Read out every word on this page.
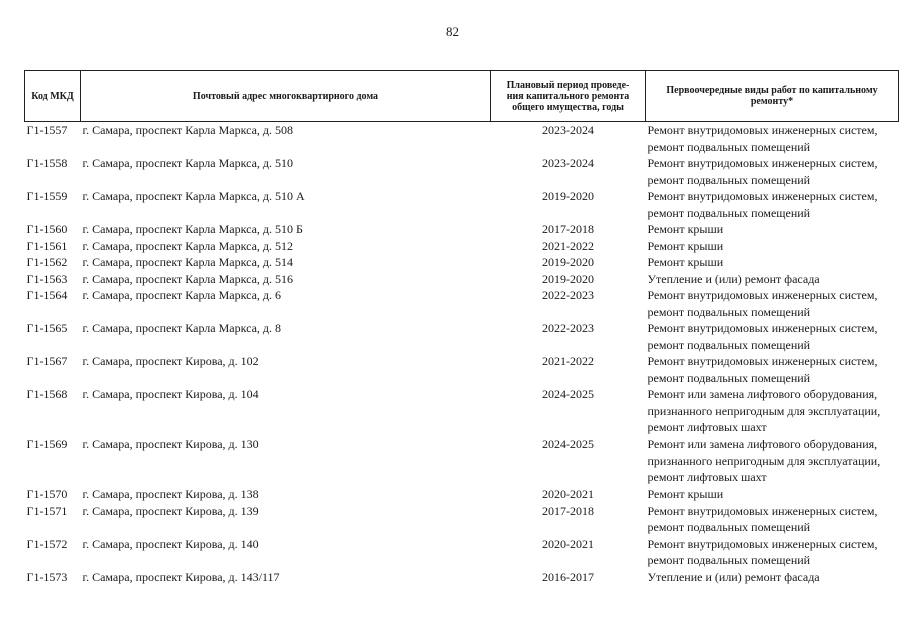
82
Код МКД	Почтовый адрес многоквартирного дома	Плановый период проведе-
ния капитального ремонта
общего имущества, годы	Первоочередные виды работ по капитальному
ремонту*

Г1-1557	г. Самара, проспект Карла Маркса, д. 508	2023-2024	Ремонт внутридомовых инженерных систем,
ремонт подвальных помещений

Г1-1558	г. Самара, проспект Карла Маркса, д. 510	2023-2024	Ремонт внутридомовых инженерных систем,
ремонт подвальных помещений

Г1-1559	г. Самара, проспект Карла Маркса, д. 510 А	2019-2020	Ремонт внутридомовых инженерных систем,
ремонт подвальных помещений

Г1-1560	г. Самара, проспект Карла Маркса, д. 510 Б	2017-2018	Ремонт крыши

Г1-1561	г. Самара, проспект Карла Маркса, д. 512	2021-2022	Ремонт крыши

Г1-1562	г. Самара, проспект Карла Маркса, д. 514	2019-2020	Ремонт крыши

Г1-1563	г. Самара, проспект Карла Маркса, д. 516	2019-2020	Утепление и (или) ремонт фасада

Г1-1564	г. Самара, проспект Карла Маркса, д. 6	2022-2023	Ремонт внутридомовых инженерных систем,
ремонт подвальных помещений

Г1-1565	г. Самара, проспект Карла Маркса, д. 8	2022-2023	Ремонт внутридомовых инженерных систем,
ремонт подвальных помещений

Г1-1567	г. Самара, проспект Кирова, д. 102	2021-2022	Ремонт внутридомовых инженерных систем,
ремонт подвальных помещений

Г1-1568	г. Самара, проспект Кирова, д. 104	2024-2025	Ремонт или замена лифтового оборудования,
признанного непригодным для эксплуатации,
ремонт лифтовых шахт

Г1-1569	г. Самара, проспект Кирова, д. 130	2024-2025	Ремонт или замена лифтового оборудования,
признанного непригодным для эксплуатации,
ремонт лифтовых шахт

Г1-1570	г. Самара, проспект Кирова, д. 138	2020-2021	Ремонт крыши

Г1-1571	г. Самара, проспект Кирова, д. 139	2017-2018	Ремонт внутридомовых инженерных систем,
ремонт подвальных помещений

Г1-1572	г. Самара, проспект Кирова, д. 140	2020-2021	Ремонт внутридомовых инженерных систем,
ремонт подвальных помещений

Г1-1573	г. Самара, проспект Кирова, д. 143/117	2016-2017	Утепление и (или) ремонт фасада
